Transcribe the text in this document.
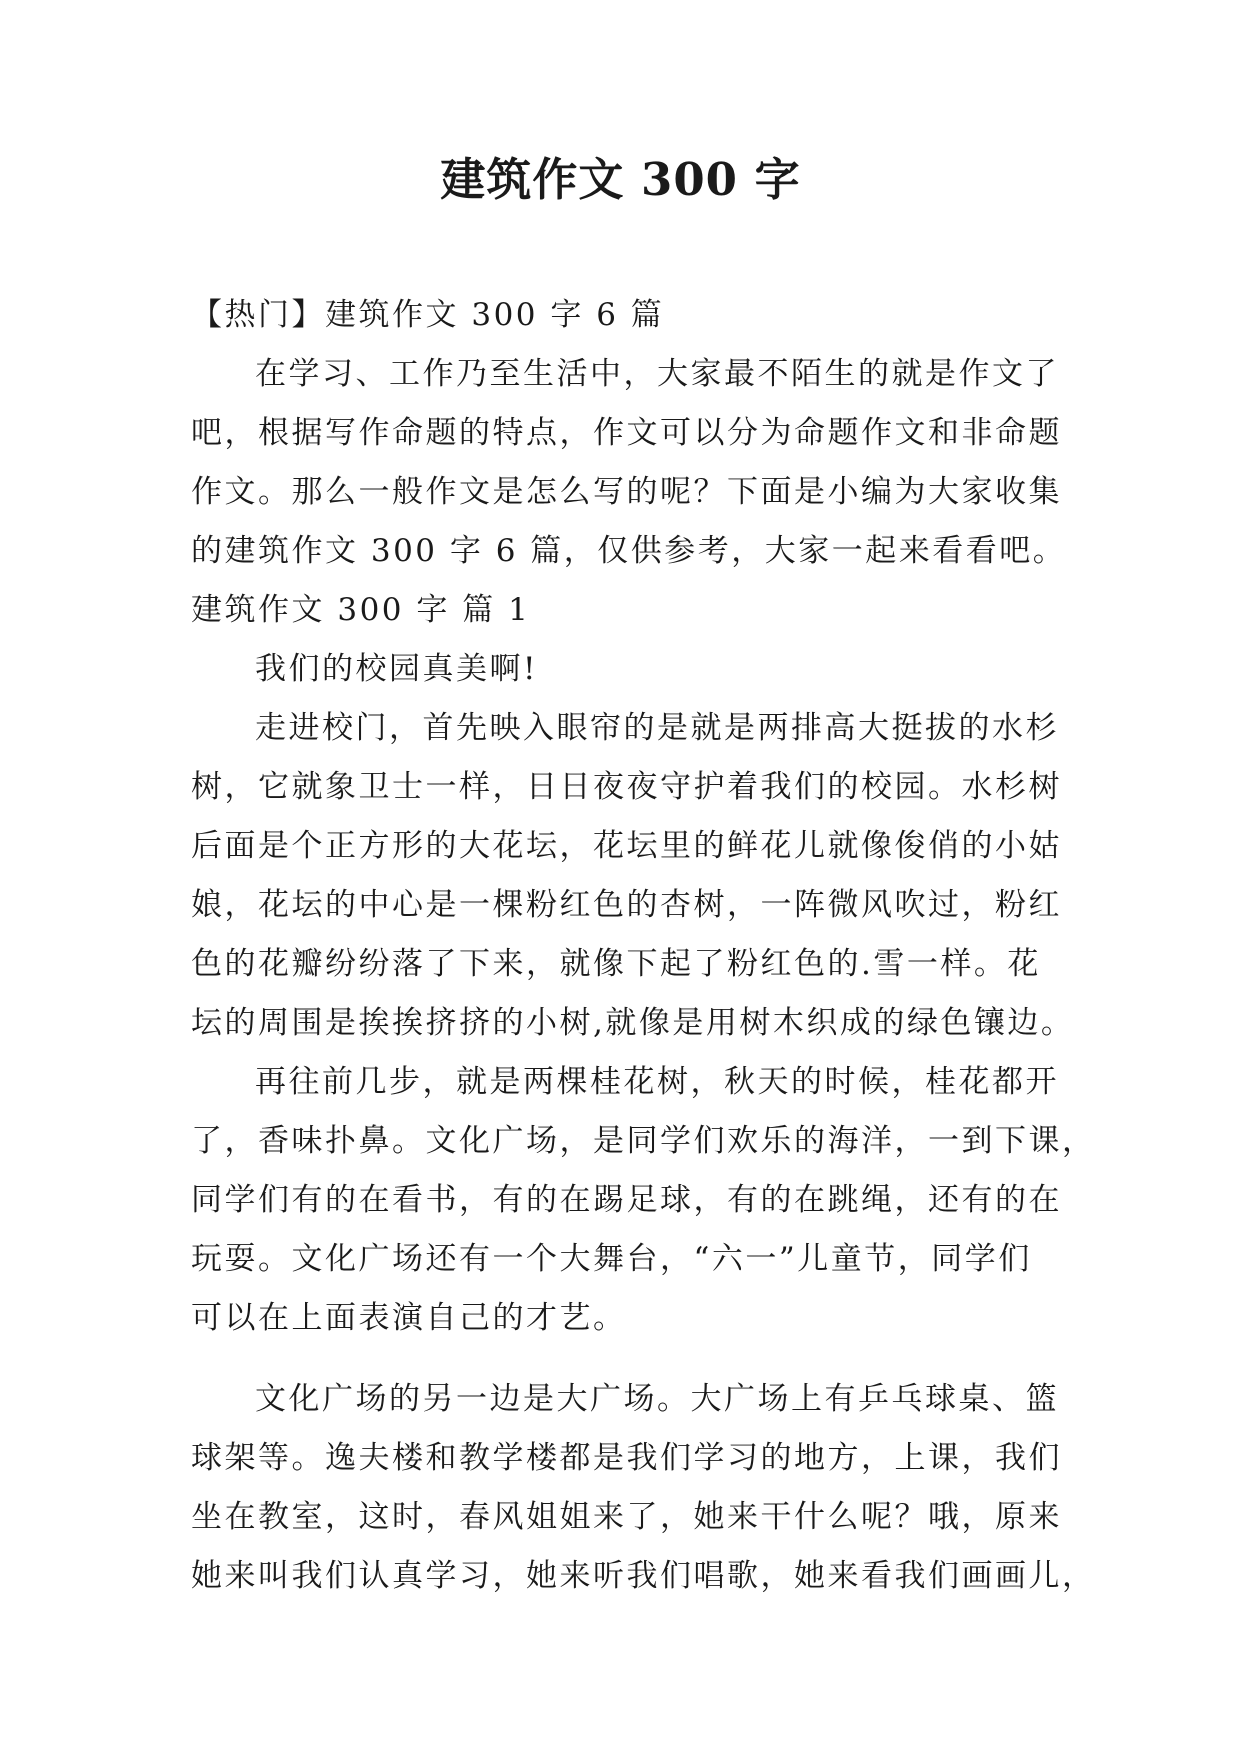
建筑作文 300 字
【热门】建筑作文 300 字 6 篇
在学习、工作乃至生活中，大家最不陌生的就是作文了
吧，根据写作命题的特点，作文可以分为命题作文和非命题
作文。那么一般作文是怎么写的呢？下面是小编为大家收集
的建筑作文 300 字 6 篇，仅供参考，大家一起来看看吧。
建筑作文 300 字 篇 1
我们的校园真美啊!
走进校门，首先映入眼帘的是就是两排高大挺拔的水杉
树，它就象卫士一样，日日夜夜守护着我们的校园。水杉树
后面是个正方形的大花坛，花坛里的鲜花儿就像俊俏的小姑
娘，花坛的中心是一棵粉红色的杏树，一阵微风吹过，粉红
色的花瓣纷纷落了下来，就像下起了粉红色的.雪一样。花
坛的周围是挨挨挤挤的小树,就像是用树木织成的绿色镶边。
再往前几步，就是两棵桂花树，秋天的时候，桂花都开
了，香味扑鼻。文化广场，是同学们欢乐的海洋，一到下课，
同学们有的在看书，有的在踢足球，有的在跳绳，还有的在
玩耍。文化广场还有一个大舞台，“六一”儿童节，同学们
可以在上面表演自己的才艺。
文化广场的另一边是大广场。大广场上有乒乓球桌、篮
球架等。逸夫楼和教学楼都是我们学习的地方，上课，我们
坐在教室，这时，春风姐姐来了，她来干什么呢？哦，原来
她来叫我们认真学习，她来听我们唱歌，她来看我们画画儿，
